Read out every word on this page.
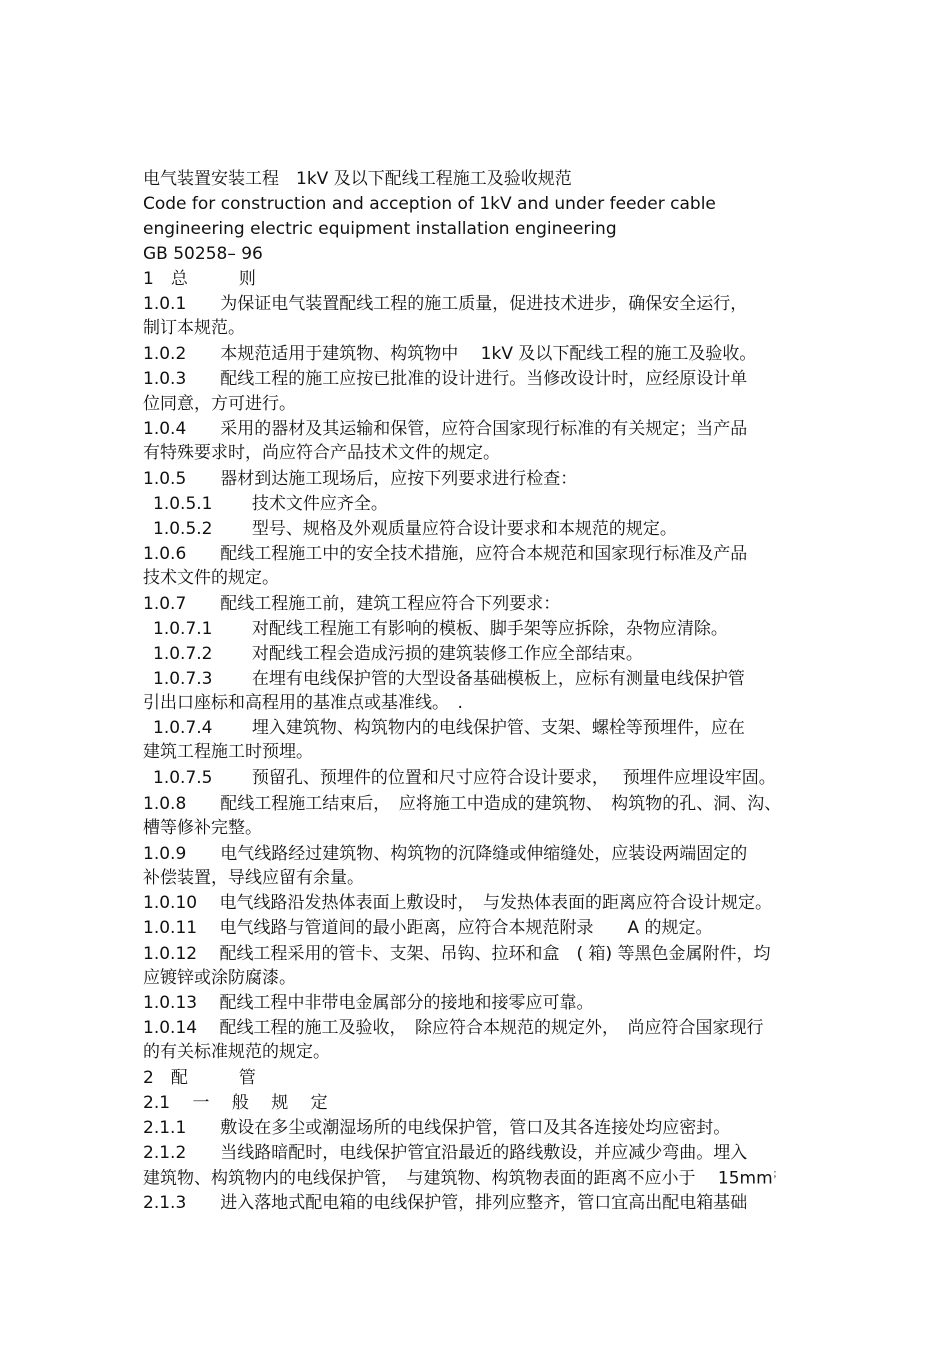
电气装置安装工程　1kV 及以下配线工程施工及验收规范
Code for construction and acception of 1kV and under feeder cable
engineering electric equipment installation engineering
GB 50258– 96
1　总　　　则
1.0.1　　为保证电气装置配线工程的施工质量，促进技术进步，确保安全运行，
制订本规范。
1.0.2　　本规范适用于建筑物、构筑物中　 1kV 及以下配线工程的施工及验收。
1.0.3　　配线工程的施工应按已批准的设计进行。当修改设计时，应经原设计单
位同意，方可进行。
1.0.4　　采用的器材及其运输和保管，应符合国家现行标准的有关规定；当产品
有特殊要求时，尚应符合产品技术文件的规定。
1.0.5　　器材到达施工现场后，应按下列要求进行检查：
1.0.5.1　　 技术文件应齐全。
1.0.5.2　　 型号、规格及外观质量应符合设计要求和本规范的规定。
1.0.6　　配线工程施工中的安全技术措施，应符合本规范和国家现行标准及产品
技术文件的规定。
1.0.7　　配线工程施工前，建筑工程应符合下列要求：
1.0.7.1　　 对配线工程施工有影响的模板、脚手架等应拆除，杂物应清除。
1.0.7.2　　 对配线工程会造成污损的建筑装修工作应全部结束。
1.0.7.3　　 在埋有电线保护管的大型设备基础模板上，应标有测量电线保护管
引出口座标和高程用的基准点或基准线。　.
1.0.7.4　　 埋入建筑物、构筑物内的电线保护管、支架、螺栓等预埋件，应在
建筑工程施工时预埋。
1.0.7.5　　 预留孔、预埋件的位置和尺寸应符合设计要求，　 预埋件应埋设牢固。
1.0.8　　配线工程施工结束后，　应将施工中造成的建筑物、　构筑物的孔、洞、沟、
槽等修补完整。
1.0.9　　电气线路经过建筑物、构筑物的沉降缝或伸缩缝处，应装设两端固定的
补偿装置，导线应留有余量。
1.0.10　 电气线路沿发热体表面上敷设时，　与发热体表面的距离应符合设计规定。
1.0.11　 电气线路与管道间的最小距离，应符合本规范附录　　A 的规定。
1.0.12　 配线工程采用的管卡、支架、吊钩、拉环和盒　( 箱) 等黑色金属附件，均
应镀锌或涂防腐漆。
1.0.13　 配线工程中非带电金属部分的接地和接零应可靠。
1.0.14　 配线工程的施工及验收，　除应符合本规范的规定外，　尚应符合国家现行
的有关标准规范的规定。
2　配　　　管
2.1　 一　 般　 规　 定
2.1.1　　敷设在多尘或潮湿场所的电线保护管，管口及其各连接处均应密封。
2.1.2　　当线路暗配时，电线保护管宜沿最近的路线敷设，并应减少弯曲。埋入
建筑物、构筑物内的电线保护管，　与建筑物、构筑物表面的距离不应小于　 15mm；
2.1.3　　进入落地式配电箱的电线保护管，排列应整齐，管口宜高出配电箱基础
